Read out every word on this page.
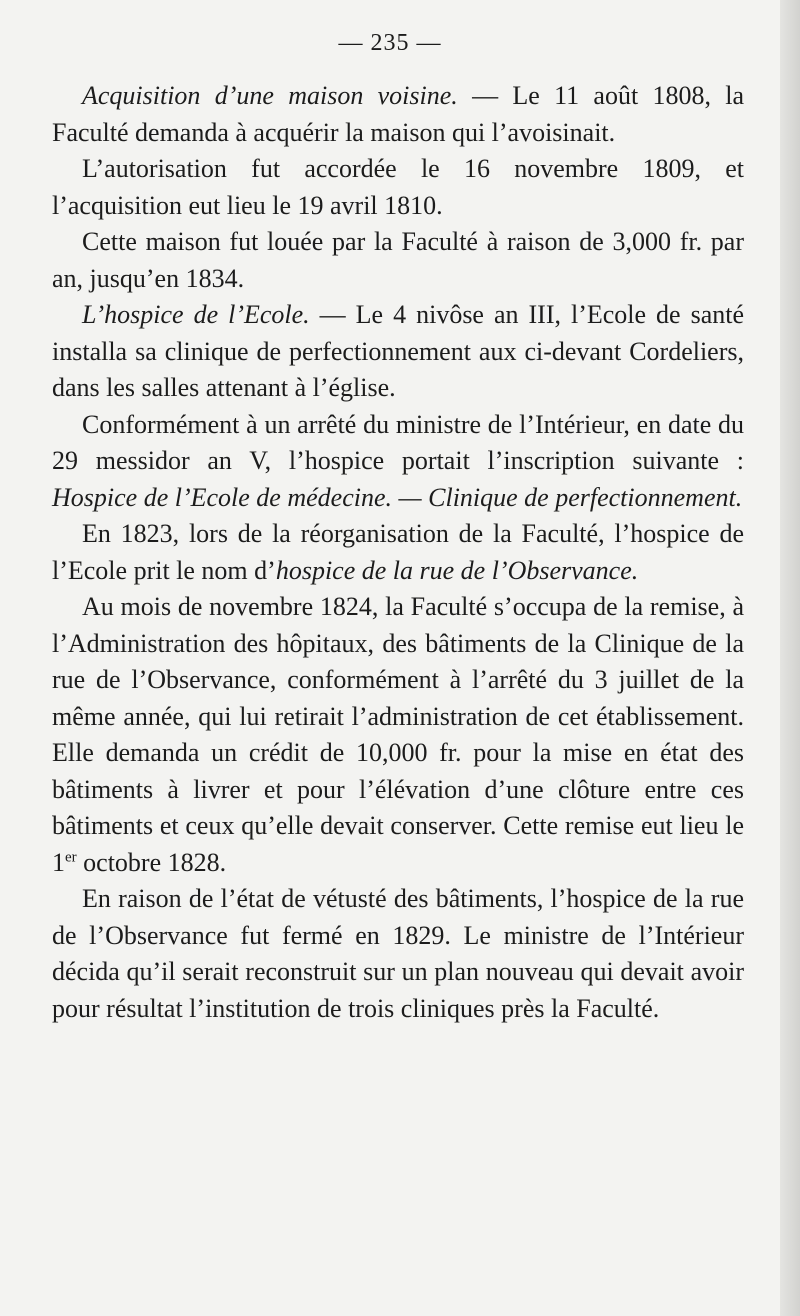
— 235 —

Acquisition d’une maison voisine. — Le 11 août 1808, la Faculté demanda à acquérir la maison qui l’avoisinait.

L’autorisation fut accordée le 16 novembre 1809, et l’acquisition eut lieu le 19 avril 1810.

Cette maison fut louée par la Faculté à raison de 3,000 fr. par an, jusqu’en 1834.

L’hospice de l’Ecole. — Le 4 nivôse an III, l’Ecole de santé installa sa clinique de perfectionnement aux ci-devant Cordeliers, dans les salles attenant à l’église.

Conformément à un arrêté du ministre de l’Intérieur, en date du 29 messidor an V, l’hospice portait l’inscription suivante : Hospice de l’Ecole de médecine. — Clinique de perfectionnement.

En 1823, lors de la réorganisation de la Faculté, l’hospice de l’Ecole prit le nom d’hospice de la rue de l’Observance.

Au mois de novembre 1824, la Faculté s’occupa de la remise, à l’Administration des hôpitaux, des bâtiments de la Clinique de la rue de l’Observance, conformément à l’arrêté du 3 juillet de la même année, qui lui retirait l’administration de cet établissement. Elle demanda un crédit de 10,000 fr. pour la mise en état des bâtiments à livrer et pour l’élévation d’une clôture entre ces bâtiments et ceux qu’elle devait conserver. Cette remise eut lieu le 1er octobre 1828.

En raison de l’état de vétusté des bâtiments, l’hospice de la rue de l’Observance fut fermé en 1829. Le ministre de l’Intérieur décida qu’il serait reconstruit sur un plan nouveau qui devait avoir pour résultat l’institution de trois cliniques près la Faculté.
